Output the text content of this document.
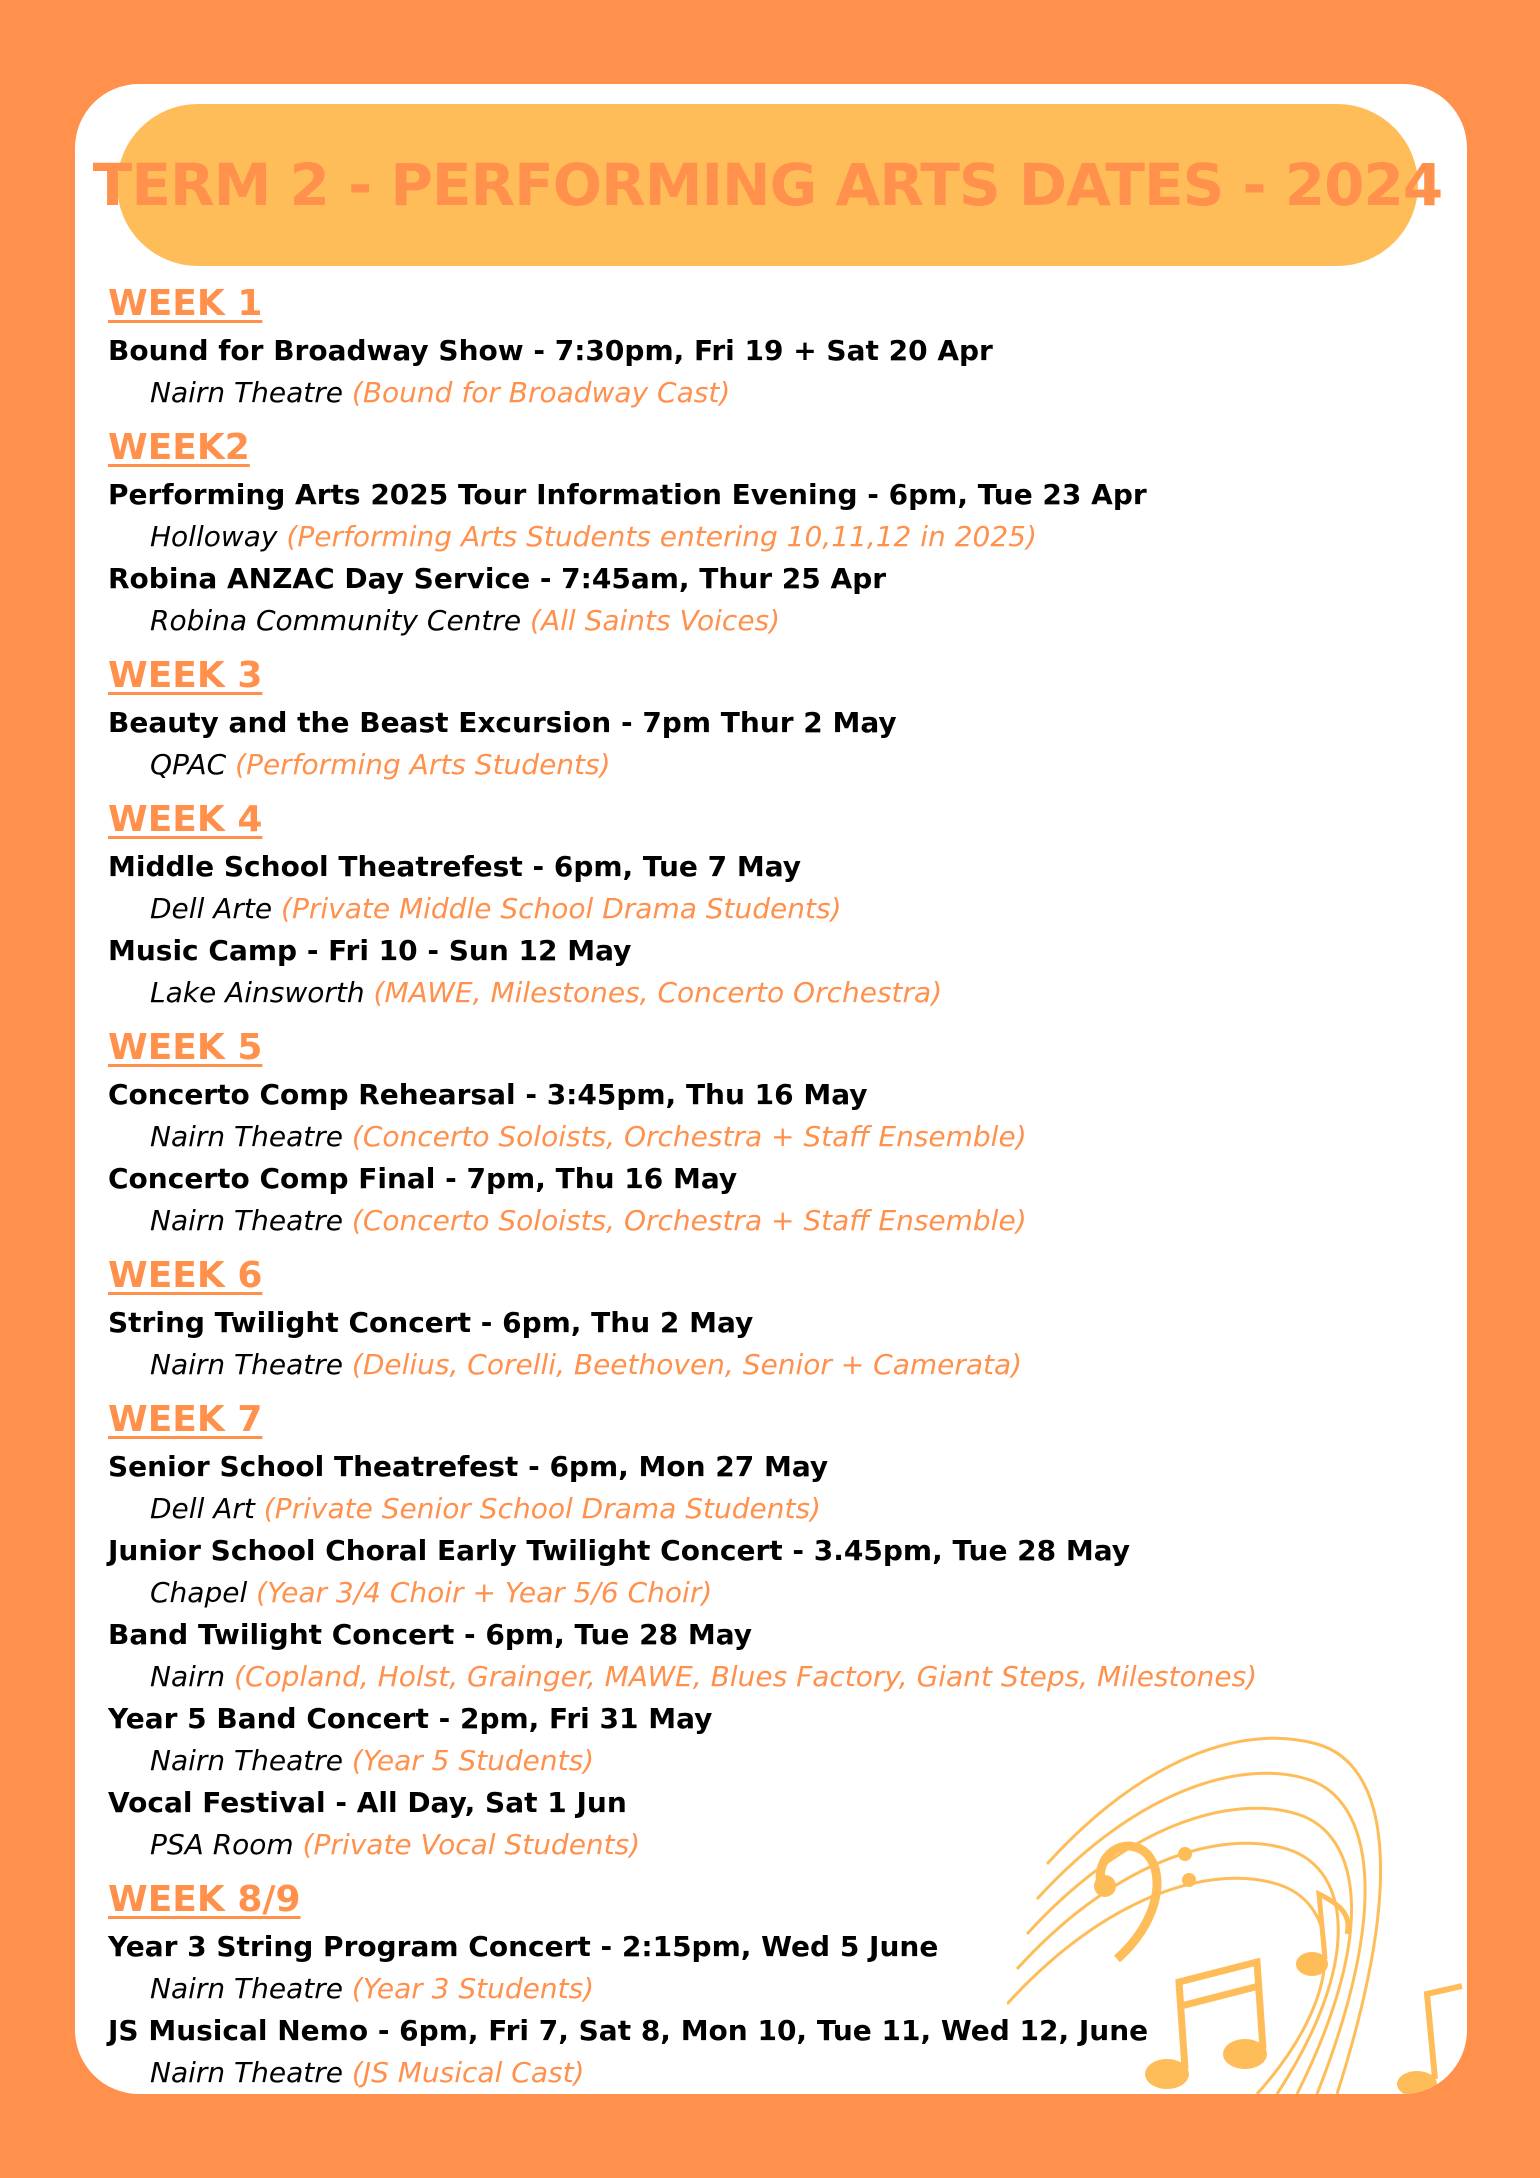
TERM 2 - PERFORMING ARTS DATES - 2024
WEEK 1
Bound for Broadway Show - 7:30pm, Fri 19 + Sat 20 Apr
Nairn Theatre (Bound for Broadway Cast)
WEEK2
Performing Arts 2025 Tour Information Evening - 6pm, Tue 23 Apr
Holloway (Performing Arts Students entering 10,11,12 in 2025)
Robina ANZAC Day Service - 7:45am, Thur 25 Apr
Robina Community Centre (All Saints Voices)
WEEK 3
Beauty and the Beast Excursion - 7pm Thur 2 May
QPAC (Performing Arts Students)
WEEK 4
Middle School Theatrefest - 6pm, Tue 7 May
Dell Arte (Private Middle School Drama Students)
Music Camp - Fri 10 - Sun 12 May
Lake Ainsworth (MAWE, Milestones, Concerto Orchestra)
WEEK 5
Concerto Comp Rehearsal - 3:45pm, Thu 16 May
Nairn Theatre (Concerto Soloists, Orchestra + Staff Ensemble)
Concerto Comp Final - 7pm, Thu 16 May
Nairn Theatre (Concerto Soloists, Orchestra + Staff Ensemble)
WEEK 6
String Twilight Concert - 6pm, Thu 2 May
Nairn Theatre (Delius, Corelli, Beethoven, Senior + Camerata)
WEEK 7
Senior School Theatrefest - 6pm, Mon 27 May
Dell Art (Private Senior School Drama Students)
Junior School Choral Early Twilight Concert - 3.45pm, Tue 28 May
Chapel (Year 3/4 Choir + Year 5/6 Choir)
Band Twilight Concert - 6pm, Tue 28 May
Nairn (Copland, Holst, Grainger, MAWE, Blues Factory, Giant Steps, Milestones)
Year 5 Band Concert - 2pm, Fri 31 May
Nairn Theatre (Year 5 Students)
Vocal Festival - All Day, Sat 1 Jun
PSA Room (Private Vocal Students)
WEEK 8/9
Year 3 String Program Concert - 2:15pm, Wed 5 June
Nairn Theatre (Year 3 Students)
JS Musical Nemo - 6pm, Fri 7, Sat 8, Mon 10, Tue 11, Wed 12, June
Nairn Theatre (JS Musical Cast)
